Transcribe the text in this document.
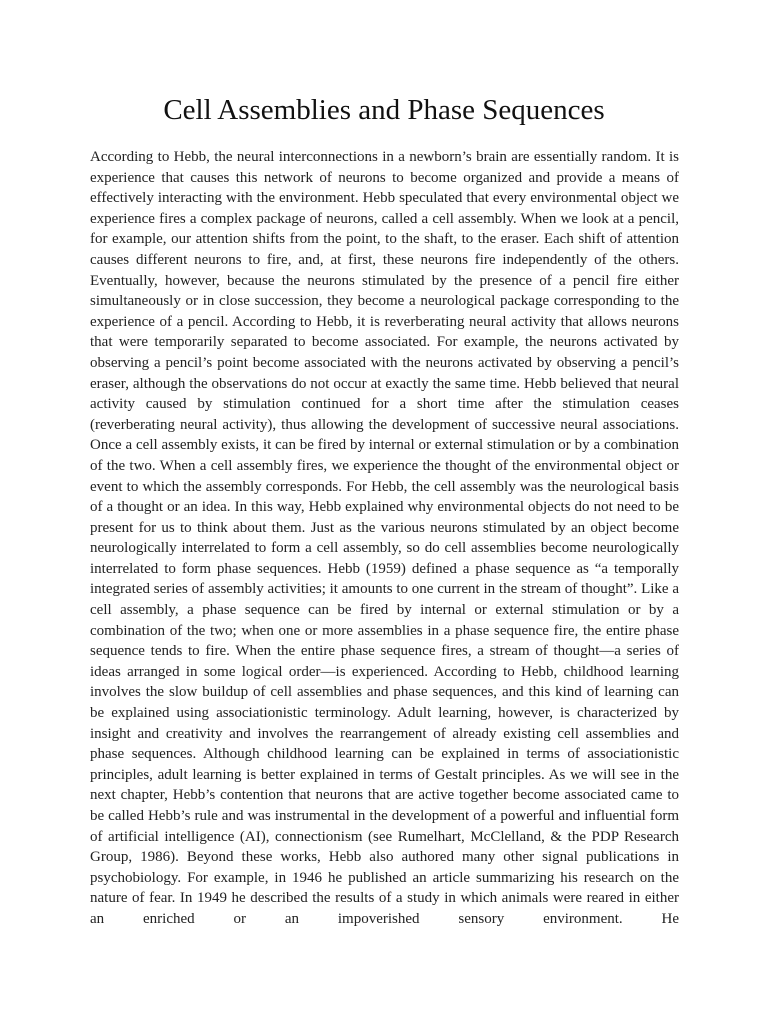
Cell Assemblies and Phase Sequences

According to Hebb, the neural interconnections in a newborn’s brain are essentially random. It is experience that causes this network of neurons to become organized and provide a means of effectively interacting with the environment. Hebb speculated that every environmental object we experience fires a complex package of neurons, called a cell assembly. When we look at a pencil, for example, our attention shifts from the point, to the shaft, to the eraser. Each shift of attention causes different neurons to fire, and, at first, these neurons fire independently of the others. Eventually, however, because the neurons stimulated by the presence of a pencil fire either simultaneously or in close succession, they become a neurological package corresponding to the experience of a pencil. According to Hebb, it is reverberating neural activity that allows neurons that were temporarily separated to become associated. For example, the neurons activated by observing a pencil’s point become associated with the neurons activated by observing a pencil’s eraser, although the observations do not occur at exactly the same time. Hebb believed that neural activity caused by stimulation continued for a short time after the stimulation ceases (reverberating neural activity), thus allowing the development of successive neural associations. Once a cell assembly exists, it can be fired by internal or external stimulation or by a combination of the two. When a cell assembly fires, we experience the thought of the environmental object or event to which the assembly corresponds. For Hebb, the cell assembly was the neurological basis of a thought or an idea. In this way, Hebb explained why environmental objects do not need to be present for us to think about them. Just as the various neurons stimulated by an object become neurologically interrelated to form a cell assembly, so do cell assemblies become neurologically interrelated to form phase sequences. Hebb (1959) defined a phase sequence as “a temporally integrated series of assembly activities; it amounts to one current in the stream of thought”. Like a cell assembly, a phase sequence can be fired by internal or external stimulation or by a combination of the two; when one or more assemblies in a phase sequence fire, the entire phase sequence tends to fire. When the entire phase sequence fires, a stream of thought—a series of ideas arranged in some logical order—is experienced. According to Hebb, childhood learning involves the slow buildup of cell assemblies and phase sequences, and this kind of learning can be explained using associationistic terminology. Adult learning, however, is characterized by insight and creativity and involves the rearrangement of already existing cell assemblies and phase sequences. Although childhood learning can be explained in terms of associationistic principles, adult learning is better explained in terms of Gestalt principles. As we will see in the next chapter, Hebb’s contention that neurons that are active together become associated came to be called Hebb’s rule and was instrumental in the development of a powerful and influential form of artificial intelligence (AI), connectionism (see Rumelhart, McClelland, & the PDP Research Group, 1986). Beyond these works, Hebb also authored many other signal publications in psychobiology. For example, in 1946 he published an article summarizing his research on the nature of fear. In 1949 he described the results of a study in which animals were reared in either an enriched or an impoverished sensory environment. He
